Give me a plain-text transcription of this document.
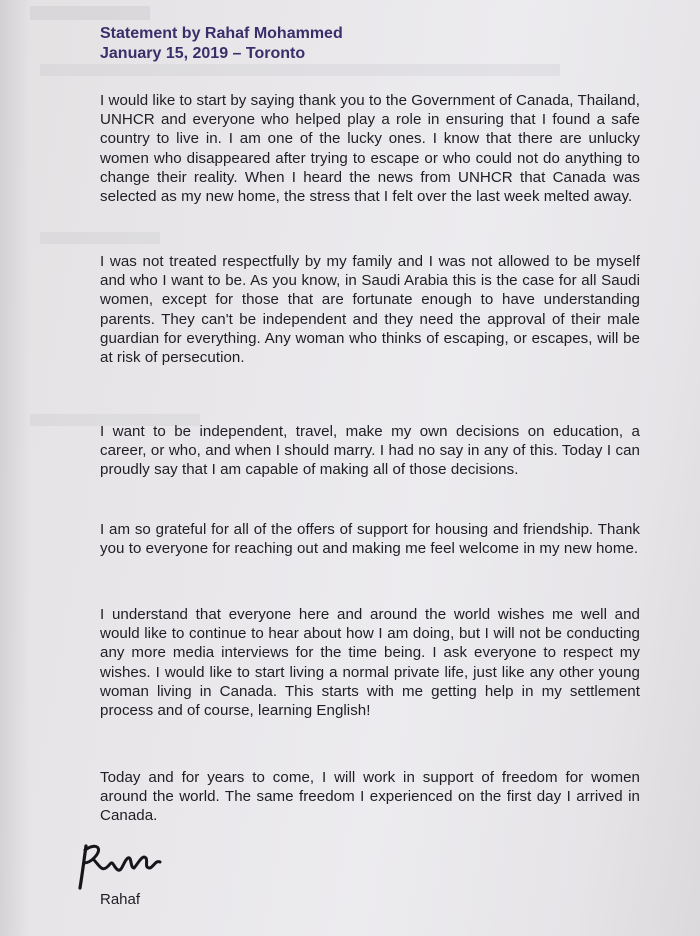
Statement by Rahaf Mohammed
January 15, 2019 – Toronto

I would like to start by saying thank you to the Government of Canada, Thailand, UNHCR and everyone who helped play a role in ensuring that I found a safe country to live in. I am one of the lucky ones. I know that there are unlucky women who disappeared after trying to escape or who could not do anything to change their reality. When I heard the news from UNHCR that Canada was selected as my new home, the stress that I felt over the last week melted away.

I was not treated respectfully by my family and I was not allowed to be myself and who I want to be. As you know, in Saudi Arabia this is the case for all Saudi women, except for those that are fortunate enough to have understanding parents. They can't be independent and they need the approval of their male guardian for everything. Any woman who thinks of escaping, or escapes, will be at risk of persecution.

I want to be independent, travel, make my own decisions on education, a career, or who, and when I should marry. I had no say in any of this. Today I can proudly say that I am capable of making all of those decisions.

I am so grateful for all of the offers of support for housing and friendship. Thank you to everyone for reaching out and making me feel welcome in my new home.

I understand that everyone here and around the world wishes me well and would like to continue to hear about how I am doing, but I will not be conducting any more media interviews for the time being. I ask everyone to respect my wishes. I would like to start living a normal private life, just like any other young woman living in Canada. This starts with me getting help in my settlement process and of course, learning English!

Today and for years to come, I will work in support of freedom for women around the world. The same freedom I experienced on the first day I arrived in Canada.

Rahaf
